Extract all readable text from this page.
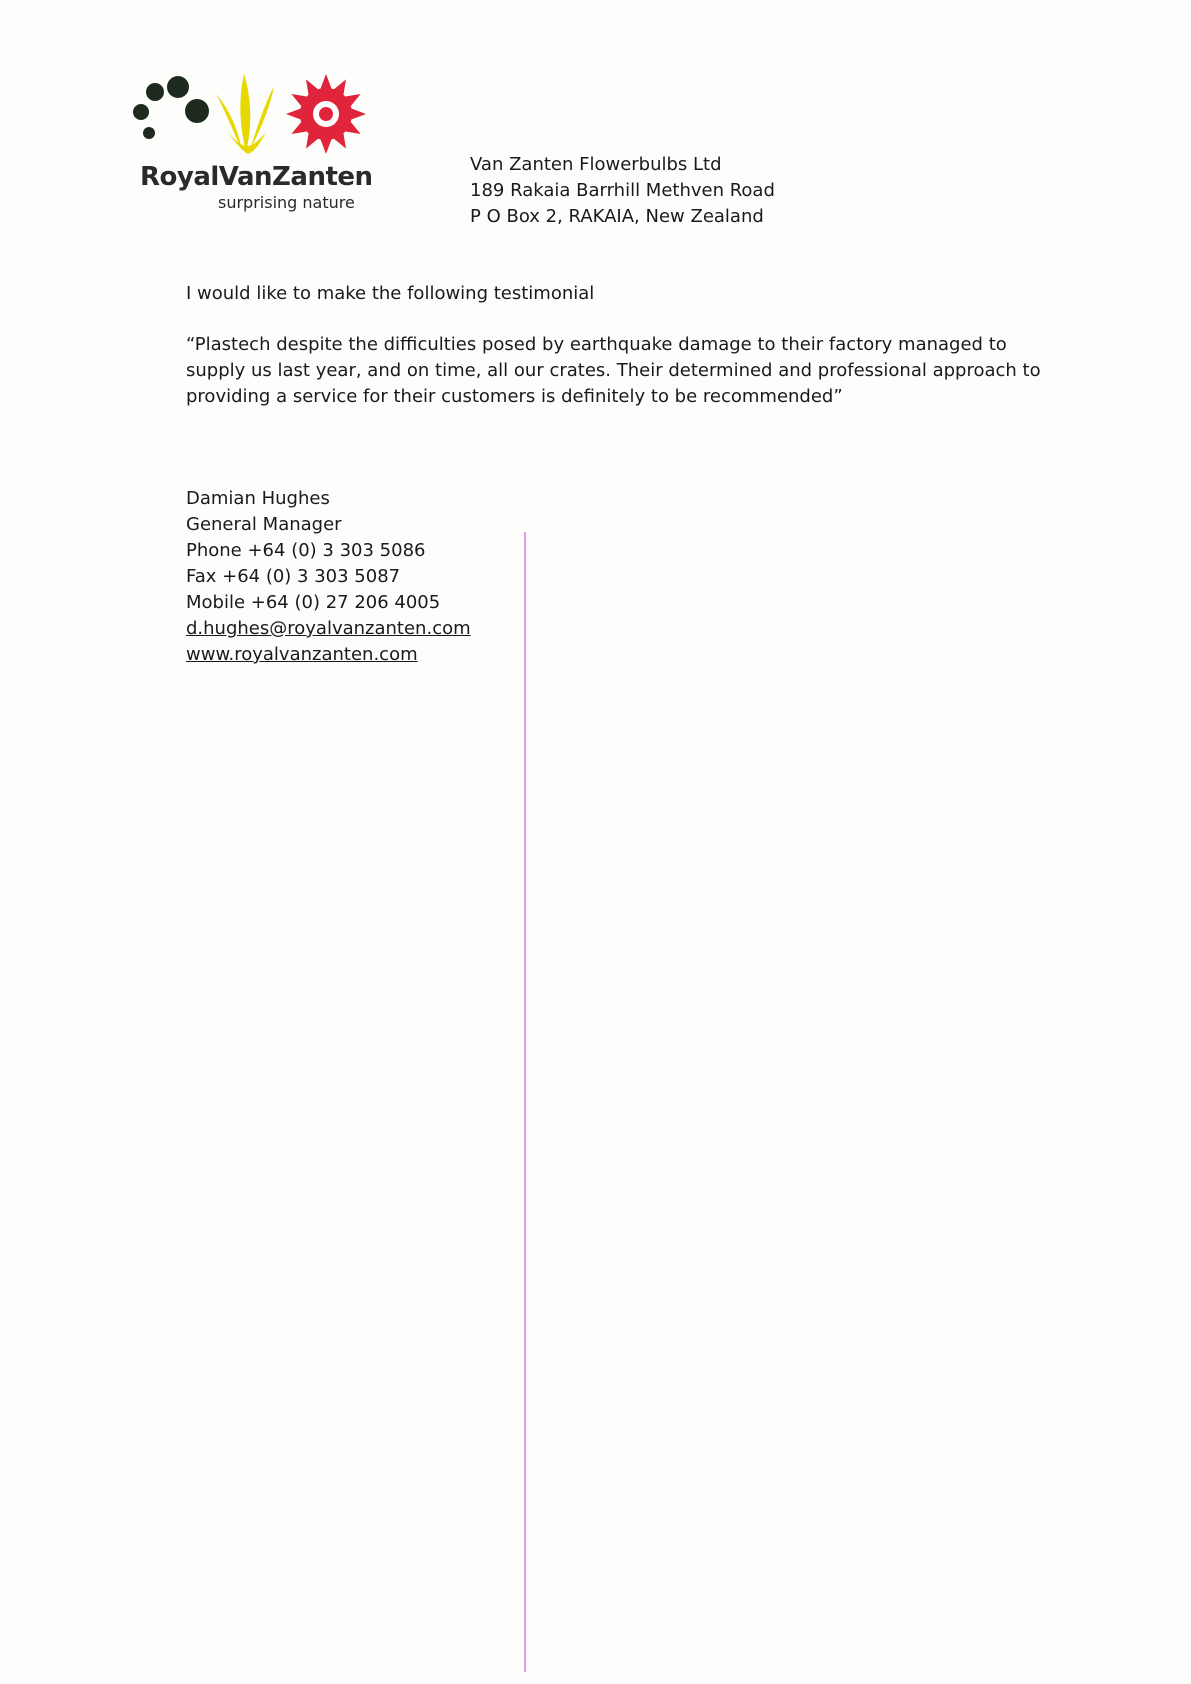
RoyalVanZanten
surprising nature
Van Zanten Flowerbulbs Ltd
189 Rakaia Barrhill Methven Road
P O Box 2, RAKAIA, New Zealand
I would like to make the following testimonial
“Plastech despite the difficulties posed by earthquake damage to their factory managed to supply us last year, and on time, all our crates. Their determined and professional approach to providing a service for their customers is definitely to be recommended”
Damian Hughes
General Manager
Phone +64 (0) 3 303 5086
Fax +64 (0) 3 303 5087
Mobile +64 (0) 27 206 4005
d.hughes@royalvanzanten.com
www.royalvanzanten.com
